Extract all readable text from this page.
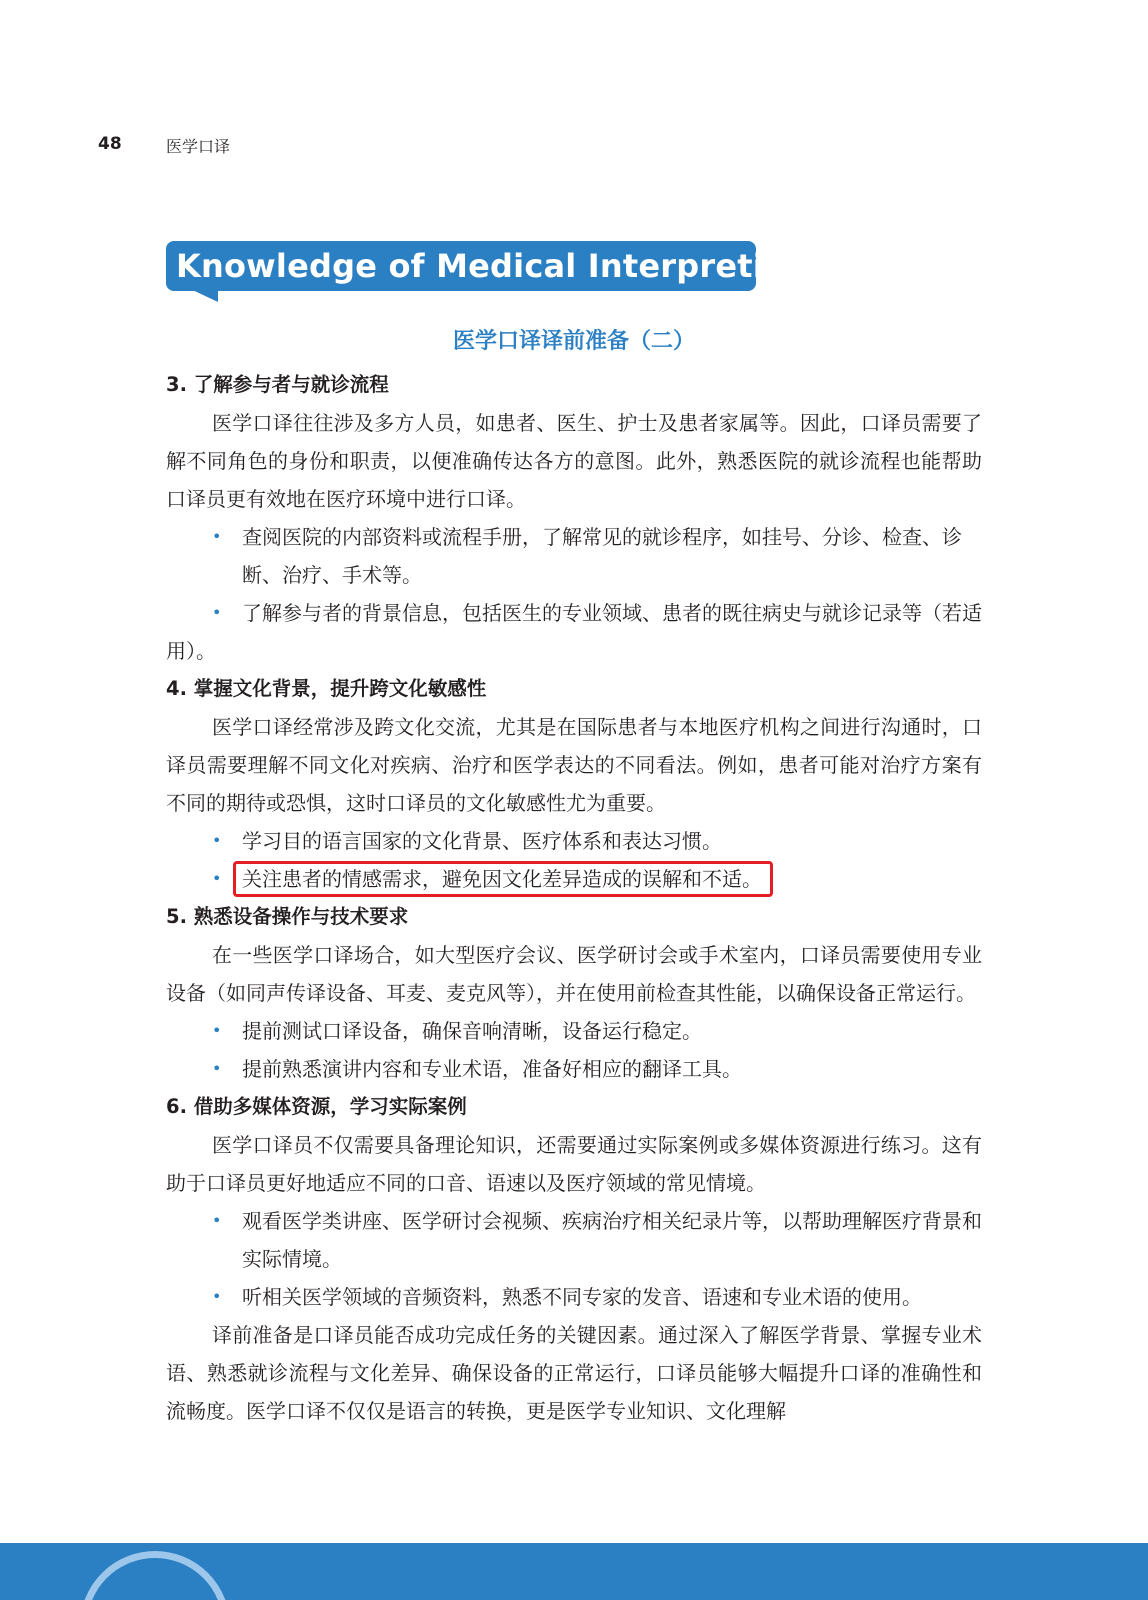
48	医学口译
Knowledge of Medical Interpreting
医学口译译前准备（二）

3. 了解参与者与就诊流程

医学口译往往涉及多方人员，如患者、医生、护士及患者家属等。因此，口译员需要了解不同角色的身份和职责，以便准确传达各方的意图。此外，熟悉医院的就诊流程也能帮助口译员更有效地在医疗环境中进行口译。

• 查阅医院的内部资料或流程手册，了解常见的就诊程序，如挂号、分诊、检查、诊断、治疗、手术等。

• 了解参与者的背景信息，包括医生的专业领域、患者的既往病史与就诊记录等（若适用）。

4. 掌握文化背景，提升跨文化敏感性

医学口译经常涉及跨文化交流，尤其是在国际患者与本地医疗机构之间进行沟通时，口译员需要理解不同文化对疾病、治疗和医学表达的不同看法。例如，患者可能对治疗方案有不同的期待或恐惧，这时口译员的文化敏感性尤为重要。

• 学习目的语言国家的文化背景、医疗体系和表达习惯。

• 关注患者的情感需求，避免因文化差异造成的误解和不适。

5. 熟悉设备操作与技术要求

在一些医学口译场合，如大型医疗会议、医学研讨会或手术室内，口译员需要使用专业设备（如同声传译设备、耳麦、麦克风等），并在使用前检查其性能，以确保设备正常运行。

• 提前测试口译设备，确保音响清晰，设备运行稳定。

• 提前熟悉演讲内容和专业术语，准备好相应的翻译工具。

6. 借助多媒体资源，学习实际案例

医学口译员不仅需要具备理论知识，还需要通过实际案例或多媒体资源进行练习。这有助于口译员更好地适应不同的口音、语速以及医疗领域的常见情境。

• 观看医学类讲座、医学研讨会视频、疾病治疗相关纪录片等，以帮助理解医疗背景和实际情境。

• 听相关医学领域的音频资料，熟悉不同专家的发音、语速和专业术语的使用。

译前准备是口译员能否成功完成任务的关键因素。通过深入了解医学背景、掌握专业术语、熟悉就诊流程与文化差异、确保设备的正常运行，口译员能够大幅提升口译的准确性和流畅度。医学口译不仅仅是语言的转换，更是医学专业知识、文化理解
